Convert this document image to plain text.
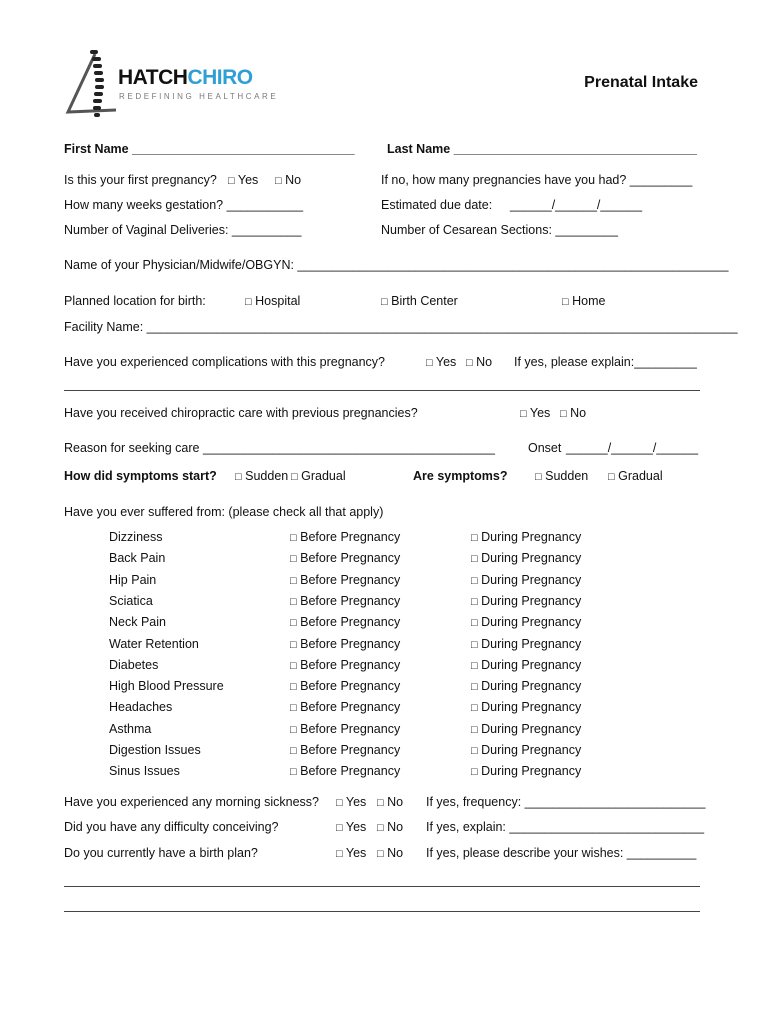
HATCHCHIRO
REDEFINING HEALTHCARE
Prenatal Intake
First Name ________________________________	Last Name ___________________________________
Is this your first pregnancy? □ Yes □ No	If no, how many pregnancies have you had? _________
How many weeks gestation? ___________	Estimated due date: ______/______/______
Number of Vaginal Deliveries: __________	Number of Cesarean Sections: _________
Name of your Physician/Midwife/OBGYN: ______________________________________________________________
Planned location for birth:	□ Hospital	□ Birth Center	□ Home
Facility Name: _____________________________________________________________________________________
Have you experienced complications with this pregnancy?	□ Yes □ No If yes, please explain:_________
Have you received chiropractic care with previous pregnancies?	□ Yes □ No
Reason for seeking care __________________________________________	Onset ______/______/______
How did symptoms start? □ Sudden □ Gradual	Are symptoms?	□ Sudden □ Gradual
Have you ever suffered from: (please check all that apply)
Dizziness	□ Before Pregnancy	□ During Pregnancy
Back Pain	□ Before Pregnancy	□ During Pregnancy
Hip Pain	□ Before Pregnancy	□ During Pregnancy
Sciatica	□ Before Pregnancy	□ During Pregnancy
Neck Pain	□ Before Pregnancy	□ During Pregnancy
Water Retention	□ Before Pregnancy	□ During Pregnancy
Diabetes	□ Before Pregnancy	□ During Pregnancy
High Blood Pressure	□ Before Pregnancy	□ During Pregnancy
Headaches	□ Before Pregnancy	□ During Pregnancy
Asthma	□ Before Pregnancy	□ During Pregnancy
Digestion Issues	□ Before Pregnancy	□ During Pregnancy
Sinus Issues	□ Before Pregnancy	□ During Pregnancy
Have you experienced any morning sickness? □ Yes □ No If yes, frequency: __________________________
Did you have any difficulty conceiving?	□ Yes □ No If yes, explain: ____________________________
Do you currently have a birth plan?	□ Yes □ No If yes, please describe your wishes: __________
